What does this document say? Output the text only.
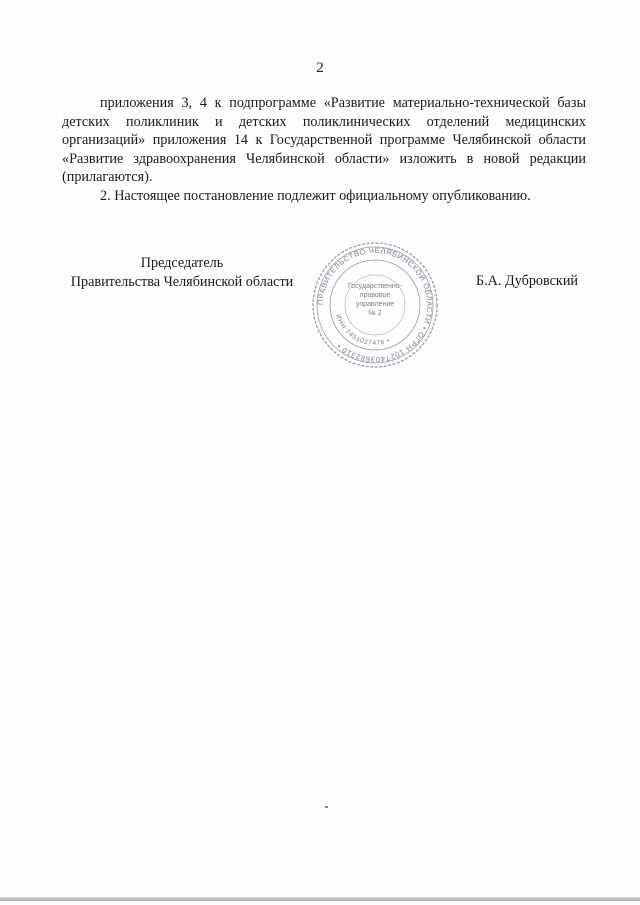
2

приложения 3, 4 к подпрограмме «Развитие материально-технической базы детских поликлиник и детских поликлинических отделений медицинских организаций» приложения 14 к Государственной программе Челябинской области «Развитие здравоохранения Челябинской области» изложить в новой редакции (прилагаются).

2. Настоящее постановление подлежит официальному опубликованию.

Председатель
Правительства Челябинской области
ПРАВИТЕЛЬСТВО ЧЕЛЯБИНСКОЙ ОБЛАСТИ • ОГРН 1027403882310 •
ИНН 7451027476 •
Государственно-
правовое
управление
№ 2
Б.А. Дубровский
